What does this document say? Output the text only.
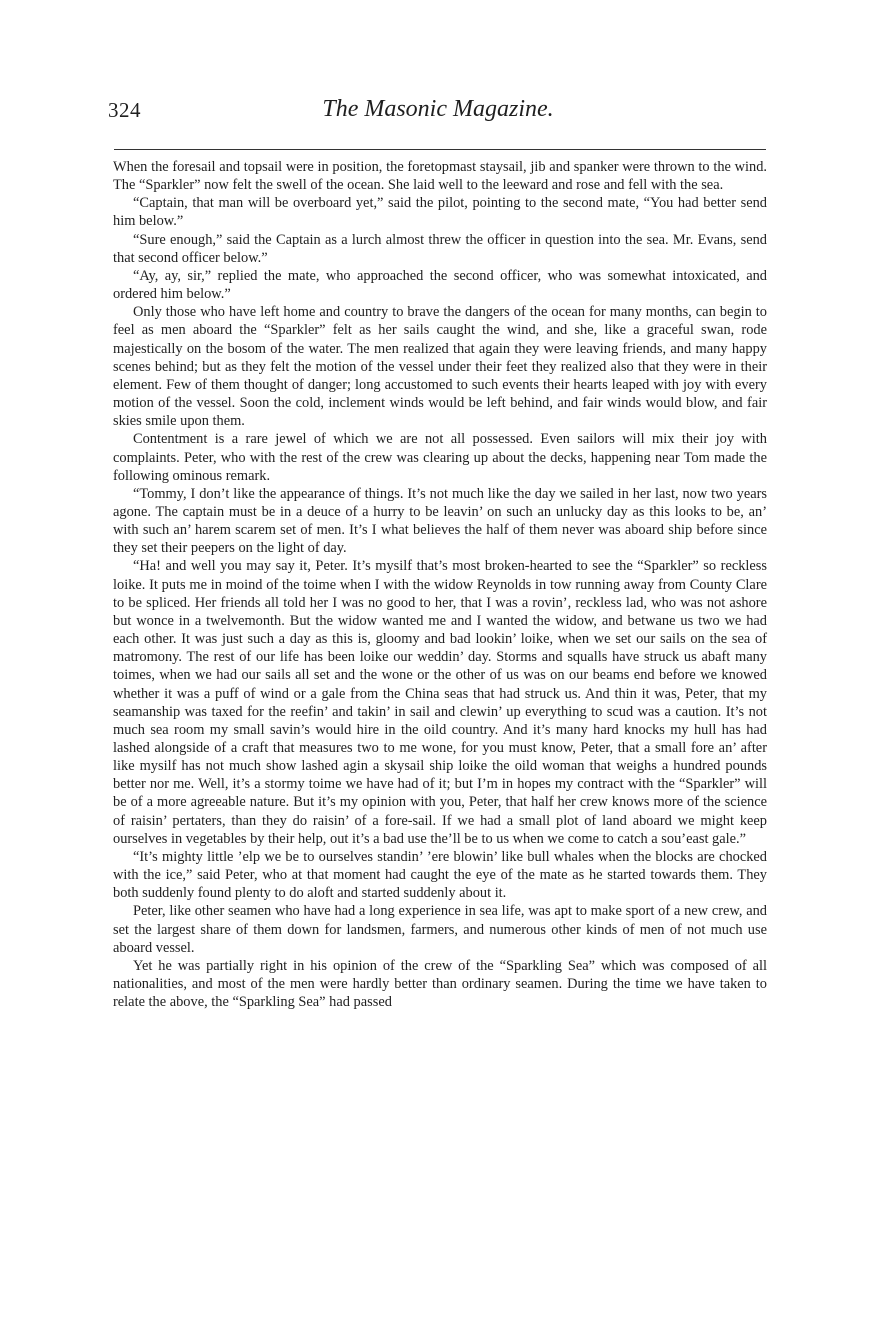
324	The Masonic Magazine.

When the foresail and topsail were in position, the foretopmast staysail, jib and spanker were thrown to the wind. The “Sparkler” now felt the swell of the ocean. She laid well to the leeward and rose and fell with the sea.

“Captain, that man will be overboard yet,” said the pilot, pointing to the second mate, “You had better send him below.”

“Sure enough,” said the Captain as a lurch almost threw the officer in question into the sea. Mr. Evans, send that second officer below.”

“Ay, ay, sir,” replied the mate, who approached the second officer, who was somewhat intoxicated, and ordered him below.”

Only those who have left home and country to brave the dangers of the ocean for many months, can begin to feel as men aboard the “Sparkler” felt as her sails caught the wind, and she, like a graceful swan, rode majestically on the bosom of the water. The men realized that again they were leaving friends, and many happy scenes behind; but as they felt the motion of the vessel under their feet they realized also that they were in their element. Few of them thought of danger; long accustomed to such events their hearts leaped with joy with every motion of the vessel. Soon the cold, inclement winds would be left behind, and fair winds would blow, and fair skies smile upon them.

Contentment is a rare jewel of which we are not all possessed. Even sailors will mix their joy with complaints. Peter, who with the rest of the crew was clearing up about the decks, happening near Tom made the following ominous remark.

“Tommy, I don’t like the appearance of things. It’s not much like the day we sailed in her last, now two years agone. The captain must be in a deuce of a hurry to be leavin’ on such an unlucky day as this looks to be, an’ with such an’ harem scarem set of men. It’s I what believes the half of them never was aboard ship before since they set their peepers on the light of day.

“Ha! and well you may say it, Peter. It’s mysilf that’s most broken-hearted to see the “Sparkler” so reckless loike. It puts me in moind of the toime when I with the widow Reynolds in tow running away from County Clare to be spliced. Her friends all told her I was no good to her, that I was a rovin’, reckless lad, who was not ashore but wonce in a twelvemonth. But the widow wanted me and I wanted the widow, and betwane us two we had each other. It was just such a day as this is, gloomy and bad lookin’ loike, when we set our sails on the sea of matromony. The rest of our life has been loike our weddin’ day. Storms and squalls have struck us abaft many toimes, when we had our sails all set and the wone or the other of us was on our beams end before we knowed whether it was a puff of wind or a gale from the China seas that had struck us. And thin it was, Peter, that my seamanship was taxed for the reefin’ and takin’ in sail and clewin’ up everything to scud was a caution. It’s not much sea room my small savin’s would hire in the oild country. And it’s many hard knocks my hull has had lashed alongside of a craft that measures two to me wone, for you must know, Peter, that a small fore an’ after like mysilf has not much show lashed agin a skysail ship loike the oild woman that weighs a hundred pounds better nor me. Well, it’s a stormy toime we have had of it; but I’m in hopes my contract with the “Sparkler” will be of a more agreeable nature. But it’s my opinion with you, Peter, that half her crew knows more of the science of raisin’ pertaters, than they do raisin’ of a fore-sail. If we had a small plot of land aboard we might keep ourselves in vegetables by their help, out it’s a bad use the’ll be to us when we come to catch a sou’east gale.”

“It’s mighty little ’elp we be to ourselves standin’ ’ere blowin’ like bull whales when the blocks are chocked with the ice,” said Peter, who at that moment had caught the eye of the mate as he started towards them. They both suddenly found plenty to do aloft and started suddenly about it.

Peter, like other seamen who have had a long experience in sea life, was apt to make sport of a new crew, and set the largest share of them down for landsmen, farmers, and numerous other kinds of men of not much use aboard vessel.

Yet he was partially right in his opinion of the crew of the “Sparkling Sea” which was composed of all nationalities, and most of the men were hardly better than ordinary seamen. During the time we have taken to relate the above, the “Sparkling Sea” had passed
